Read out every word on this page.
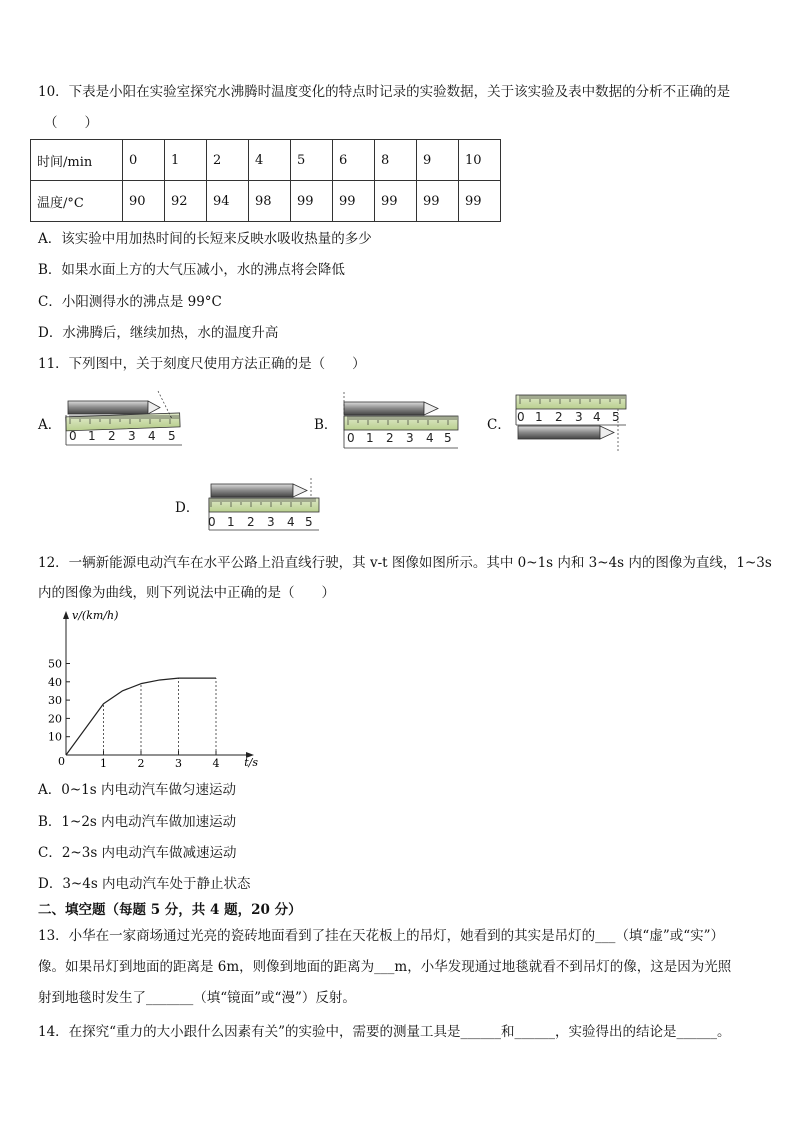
10．下表是小阳在实验室探究水沸腾时温度变化的特点时记录的实验数据，关于该实验及表中数据的分析不正确的是
（　　）
时间/min	0	1	2	4	5	6	8	9	10
温度/°C	90	92	94	98	99	99	99	99	99
A．该实验中用加热时间的长短来反映水吸收热量的多少
B．如果水面上方的大气压减小，水的沸点将会降低
C．小阳测得水的沸点是 99°C
D．水沸腾后，继续加热，水的温度升高
11．下列图中，关于刻度尺使用方法正确的是（　　）
A．	B．	C．
D．
0 1 2 3 4 5	0 1 2 3 4 5
0 1 2 3 4 5
0 1 2 3 4 5
12．一辆新能源电动汽车在水平公路上沿直线行驶，其 v-t 图像如图所示。其中 0~1s 内和 3~4s 内的图像为直线，1~3s
内的图像为曲线，则下列说法中正确的是（　　）
v/(km/h)
t/s
0
10
20
30
40
50
1	2	3	4
A．0~1s 内电动汽车做匀速运动
B．1~2s 内电动汽车做加速运动
C．2~3s 内电动汽车做减速运动
D．3~4s 内电动汽车处于静止状态
二、填空题（每题 5 分，共 4 题，20 分）
13．小华在一家商场通过光亮的瓷砖地面看到了挂在天花板上的吊灯，她看到的其实是吊灯的___（填“虚”或“实”）
像。如果吊灯到地面的距离是 6m，则像到地面的距离为___m，小华发现通过地毯就看不到吊灯的像，这是因为光照
射到地毯时发生了_______（填“镜面”或“漫”）反射。
14．在探究“重力的大小跟什么因素有关”的实验中，需要的测量工具是______和______，实验得出的结论是______。
